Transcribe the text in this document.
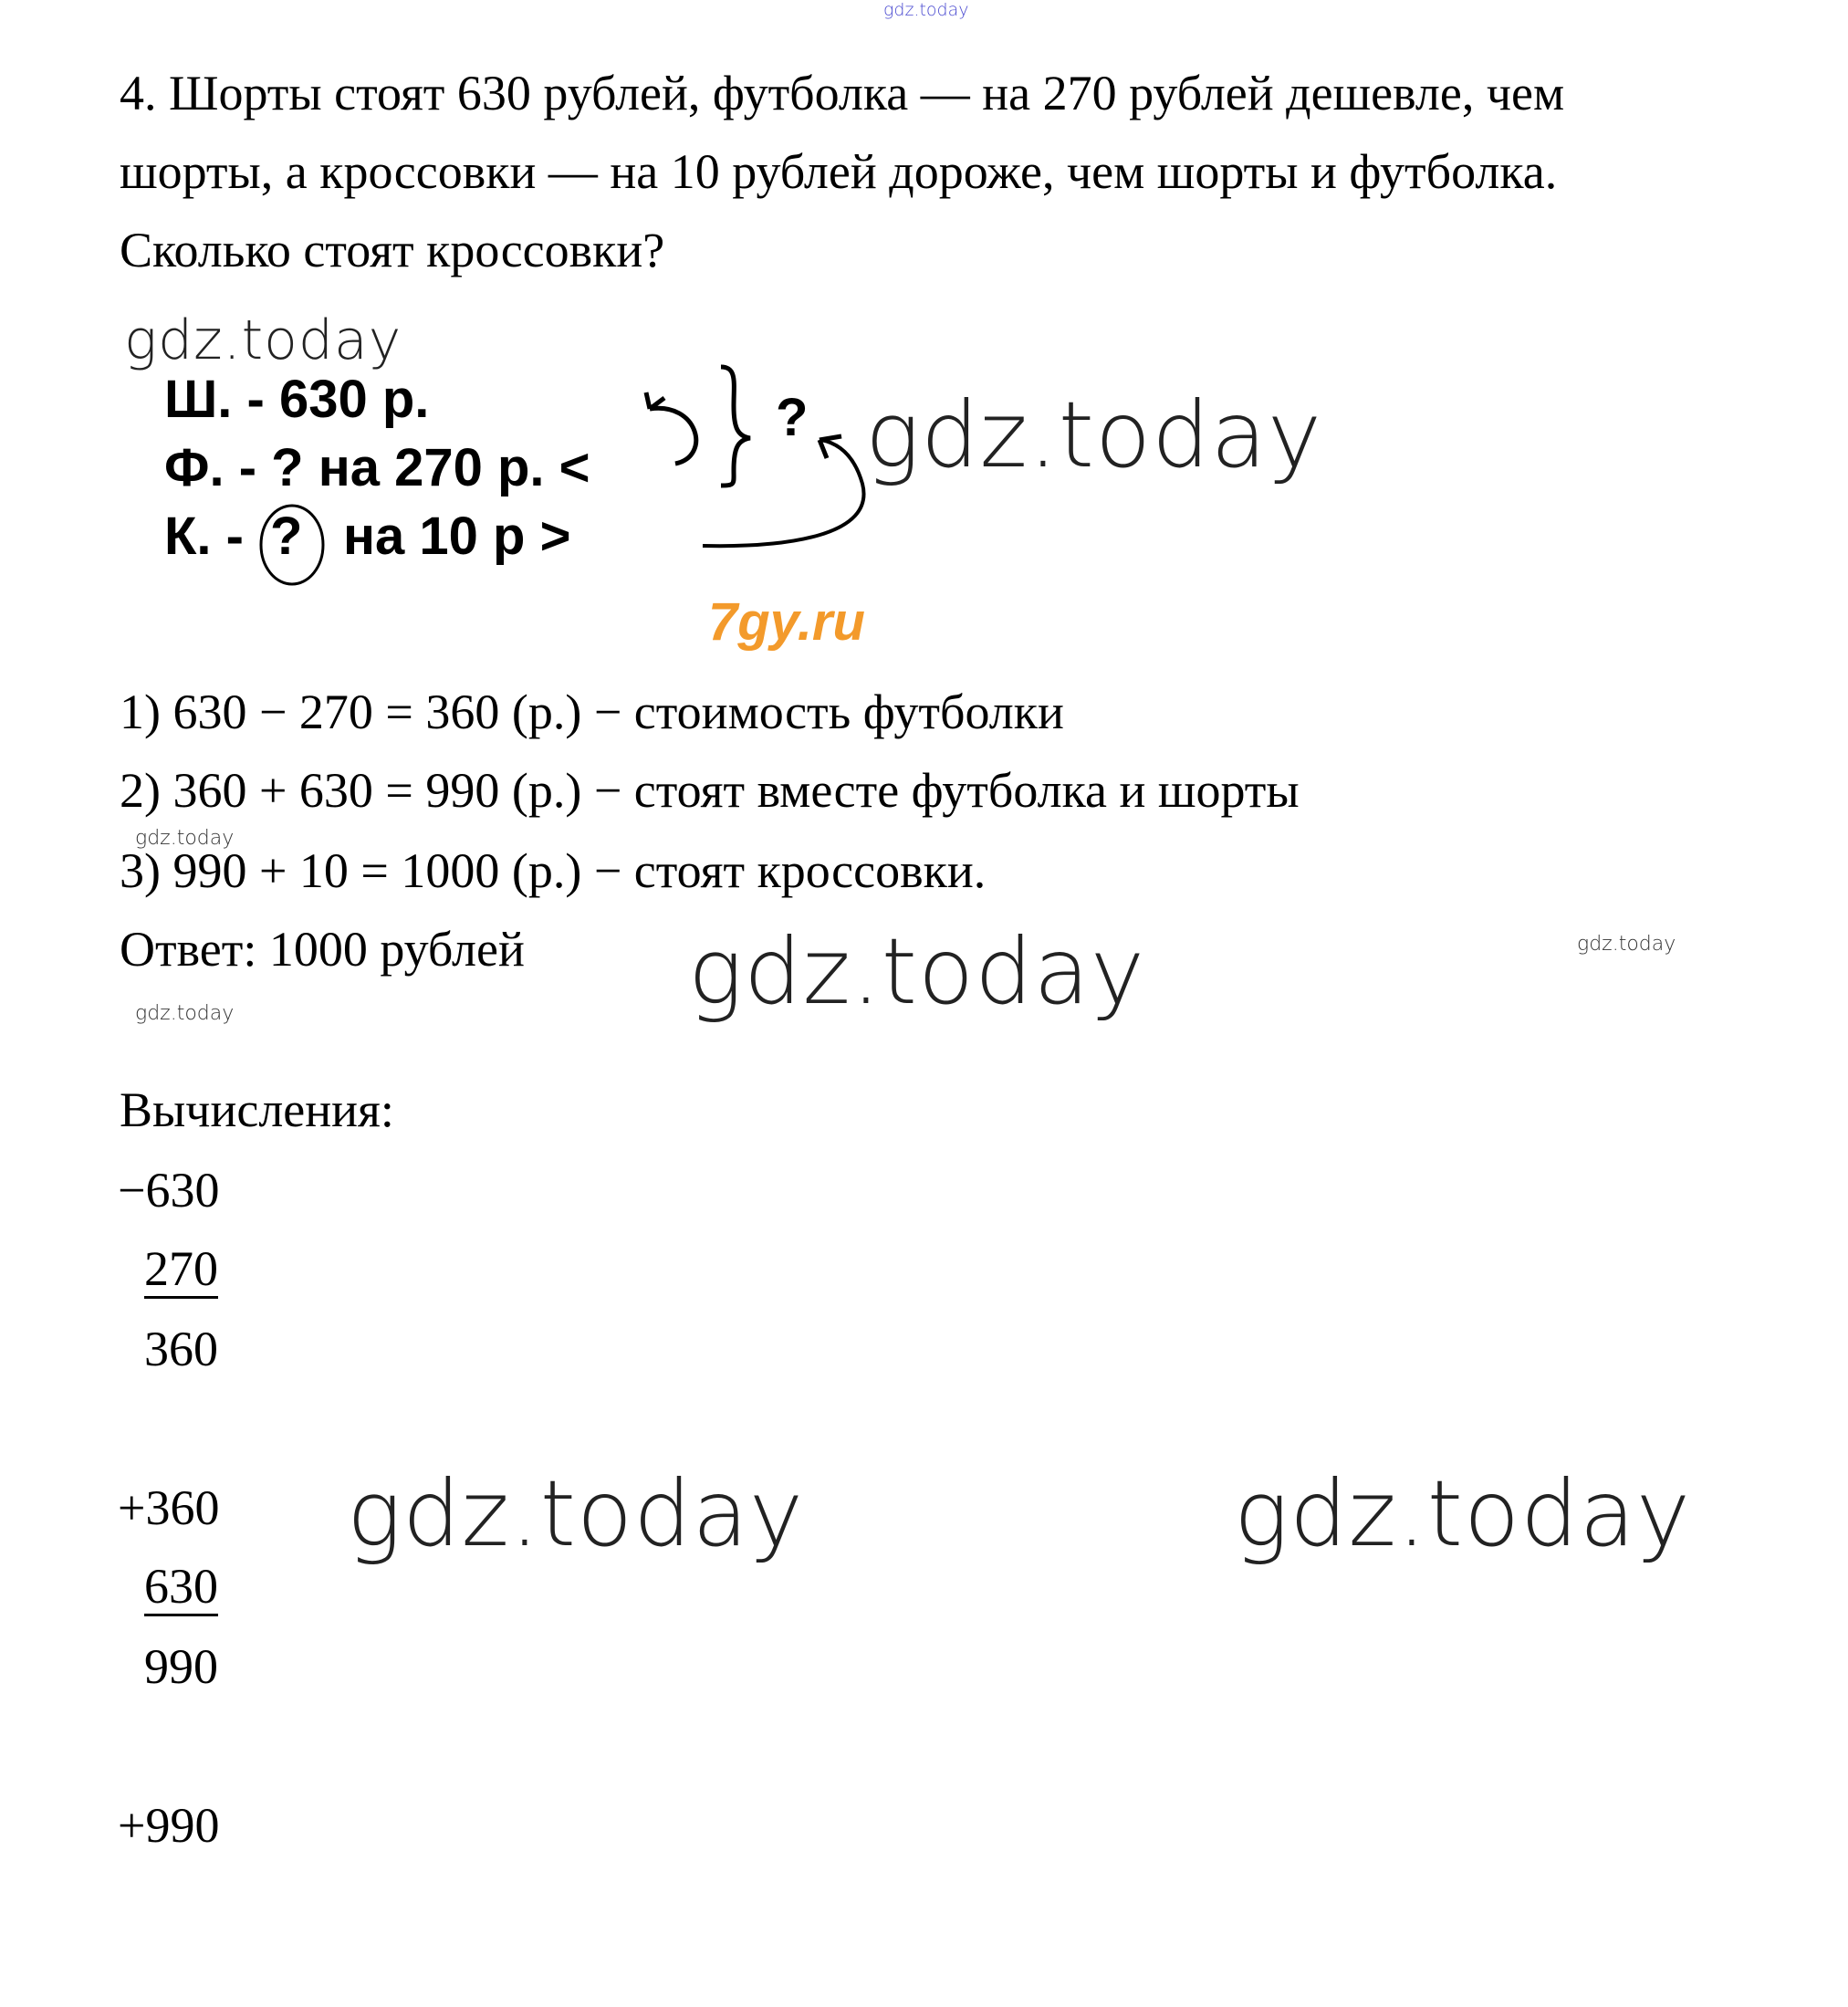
gdz.today
4. Шорты стоят 630 рублей, футболка — на 270 рублей дешевле, чем
шорты, а кроссовки — на 10 рублей дороже, чем шорты и футболка.
Сколько стоят кроссовки?
gdz.today
Ш. - 630 р.
Ф. - ? на 270 р. <
К. - ? на 10 р >
? gdz.today
7gy.ru
1) 630 − 270 = 360 (р.) − стоимость футболки
2) 360 + 630 = 990 (р.) − стоят вместе футболка и шорты
gdz.today
3) 990 + 10 = 1000 (р.) − стоят кроссовки.
Ответ: 1000 рублей	gdz.today
gdz.today
gdz.today
Вычисления:
−630
270
360
+360
630
990
gdz.today	gdz.today
+990
